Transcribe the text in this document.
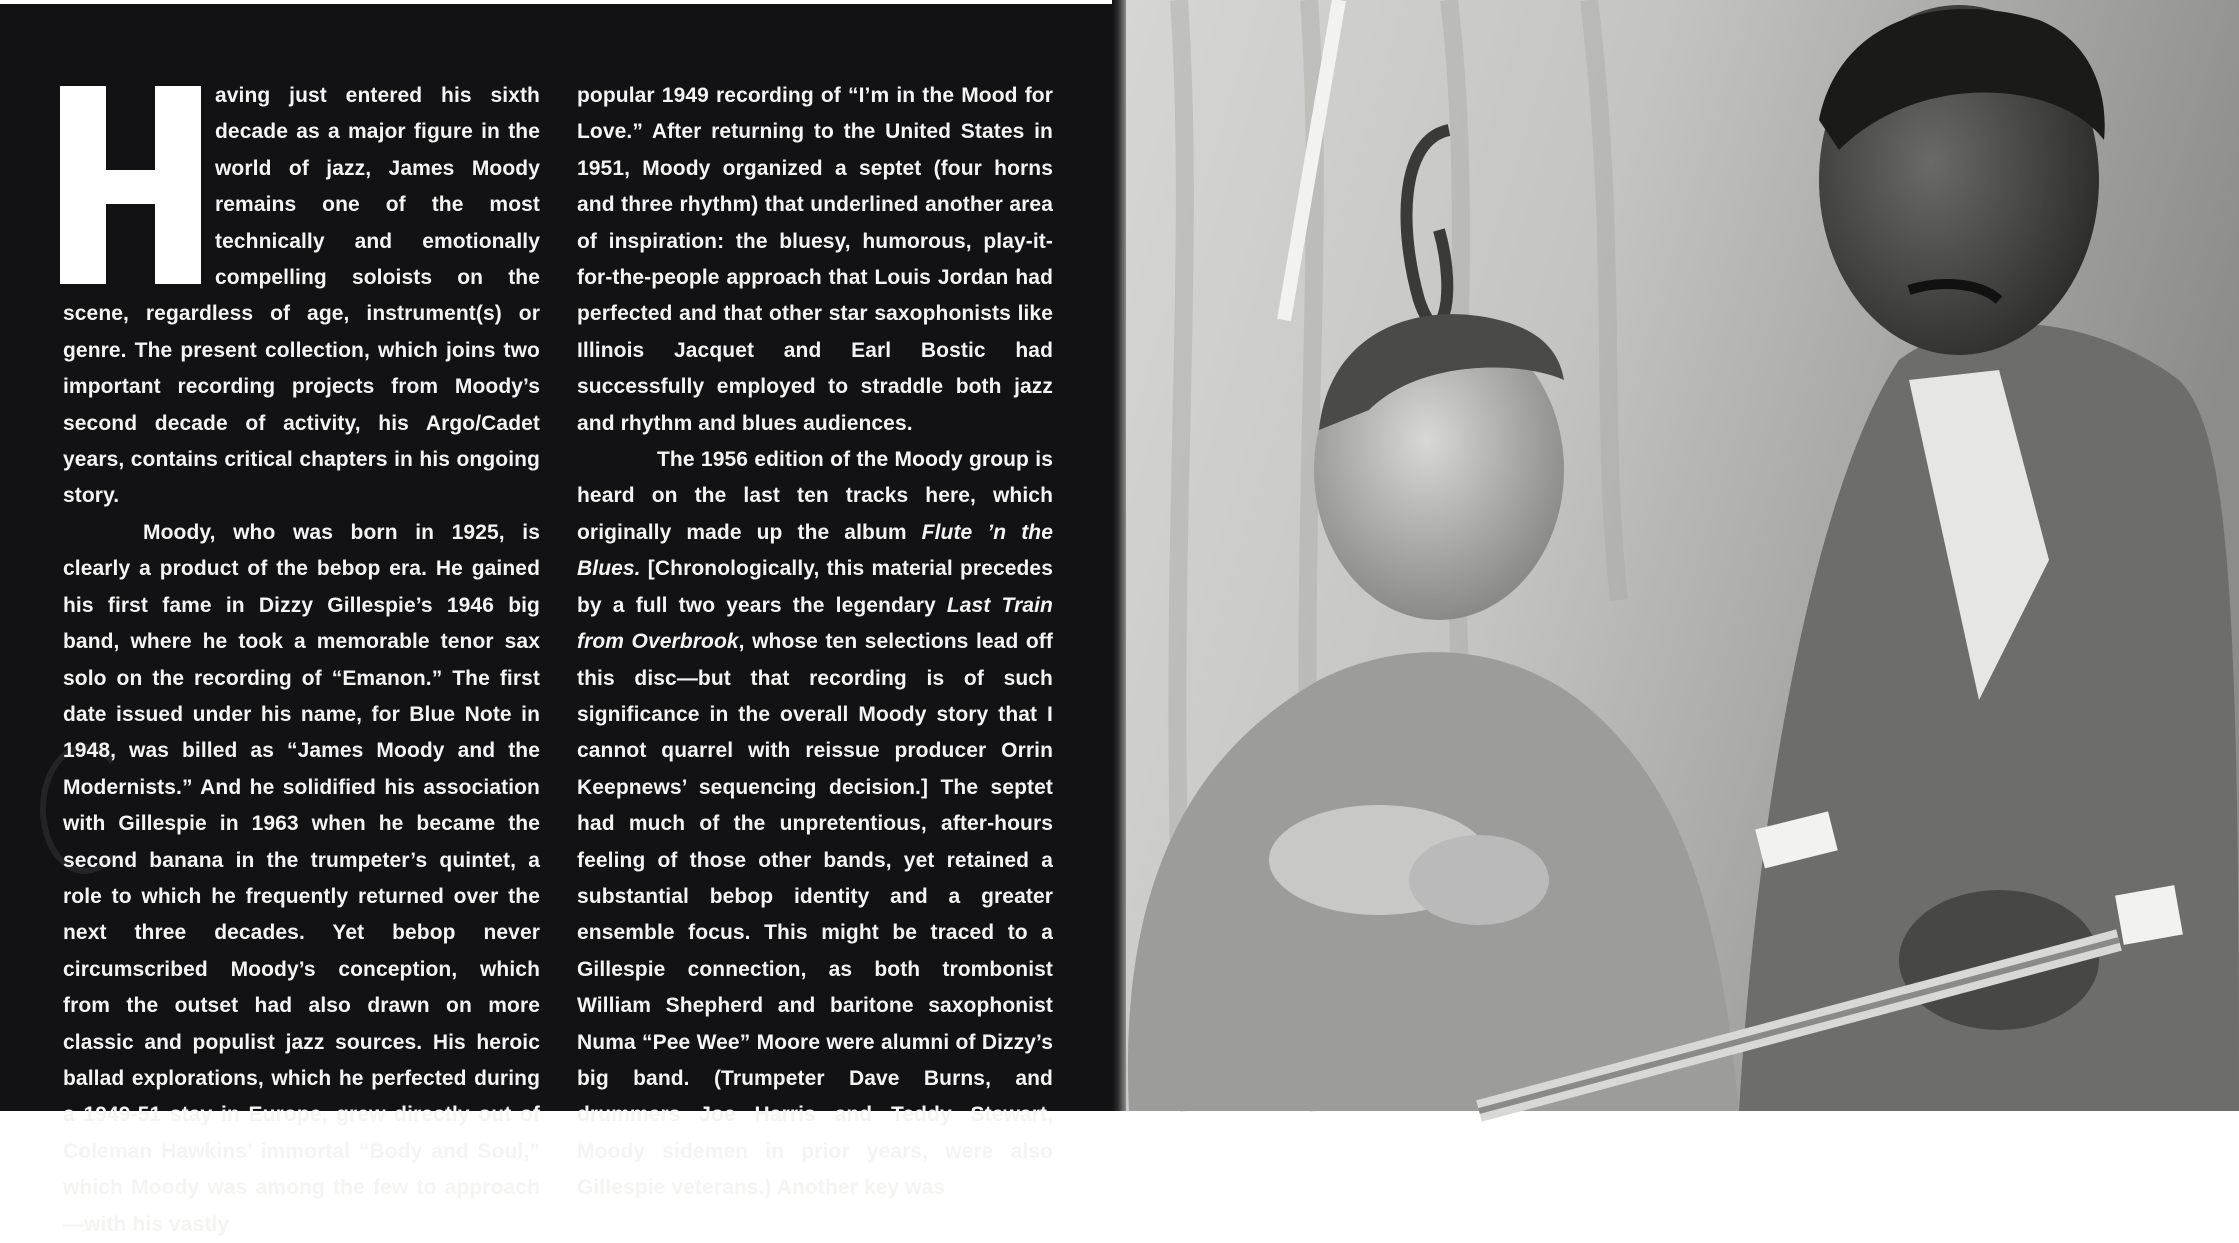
aving just entered his sixth decade as a major figure in the world of jazz, James Moody remains one of the most technically and emotionally compelling soloists on the scene, regardless of age, instrument(s) or genre. The present collection, which joins two important recording projects from Moody’s second decade of activity, his Argo/Cadet years, contains critical chapters in his ongoing story.

Moody, who was born in 1925, is clearly a product of the bebop era. He gained his first fame in Dizzy Gillespie’s 1946 big band, where he took a memorable tenor sax solo on the recording of “Emanon.” The first date issued under his name, for Blue Note in 1948, was billed as “James Moody and the Modernists.” And he solidified his association with Gillespie in 1963 when he became the second banana in the trumpeter’s quintet, a role to which he frequently returned over the next three decades. Yet bebop never circumscribed Moody’s conception, which from the outset had also drawn on more classic and populist jazz sources. His heroic ballad explorations, which he perfected during a 1949-51 stay in Europe, grew directly out of Coleman Hawkins’ immortal “Body and Soul,” which Moody was among the few to approach—with his vastly

popular 1949 recording of “I’m in the Mood for Love.” After returning to the United States in 1951, Moody organized a septet (four horns and three rhythm) that underlined another area of inspiration: the bluesy, humorous, play-it-for-the-people approach that Louis Jordan had perfected and that other star saxophonists like Illinois Jacquet and Earl Bostic had successfully employed to straddle both jazz and rhythm and blues audiences.

The 1956 edition of the Moody group is heard on the last ten tracks here, which originally made up the album Flute ’n the Blues. [Chronologically, this material precedes by a full two years the legendary Last Train from Overbrook, whose ten selections lead off this disc—but that recording is of such significance in the overall Moody story that I cannot quarrel with reissue producer Orrin Keepnews’ sequencing decision.] The septet had much of the unpretentious, after-hours feeling of those other bands, yet retained a substantial bebop identity and a greater ensemble focus. This might be traced to a Gillespie connection, as both trombonist William Shepherd and baritone saxophonist Numa “Pee Wee” Moore were alumni of Dizzy’s big band. (Trumpeter Dave Burns, and drummers Joe Harris and Teddy Stewart, Moody sidemen in prior years, were also Gillespie veterans.) Another key was
